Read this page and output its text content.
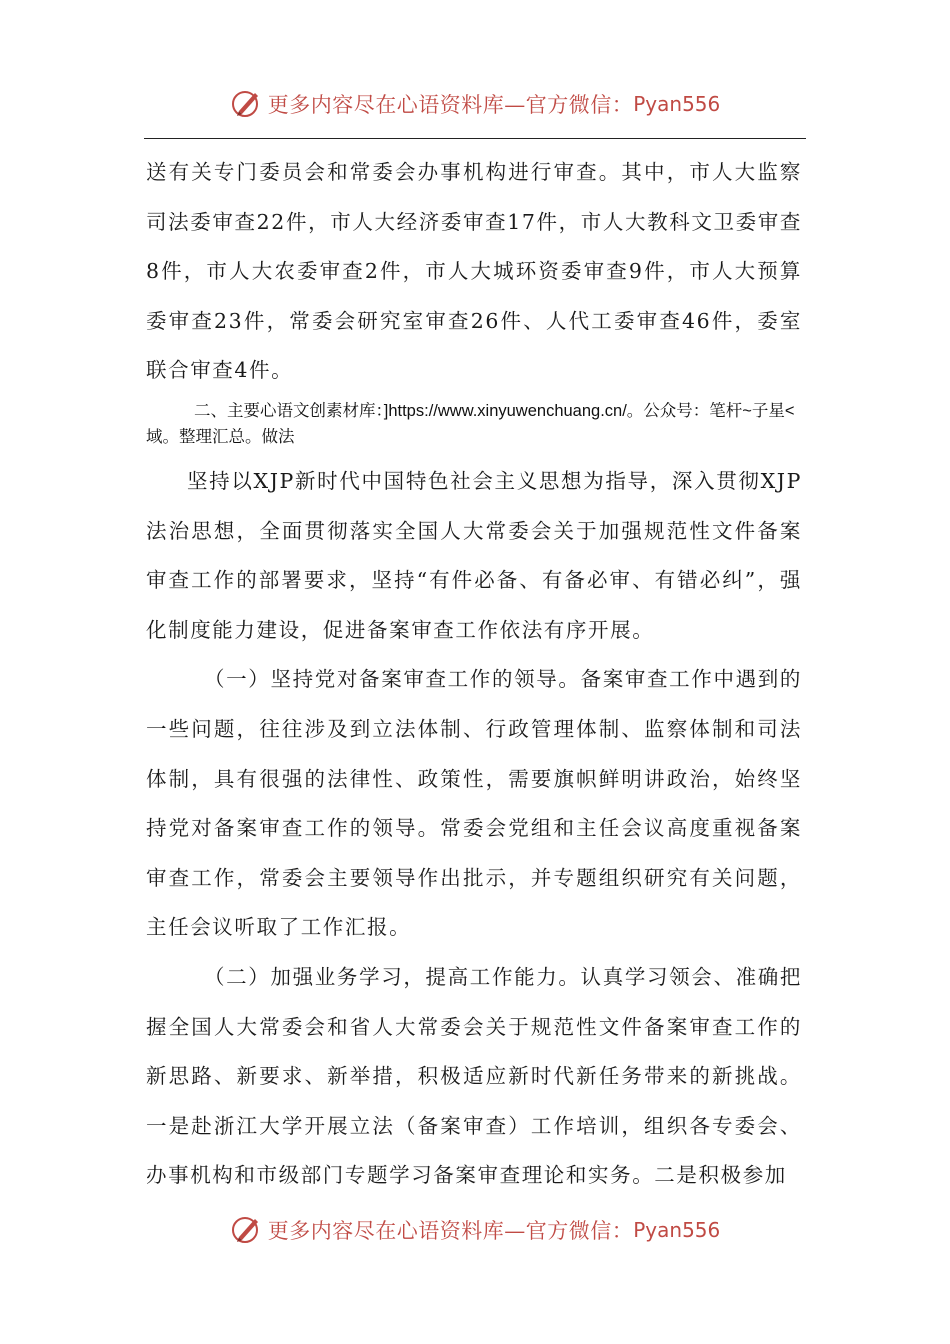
更多内容尽在心语资料库—官方微信： Pyan556

送有关专门委员会和常委会办事机构进行审查。其中，市人大监察司法委审查22件，市人大经济委审查17件，市人大教科文卫委审查8件，市人大农委审查2件，市人大城环资委审查9件，市人大预算委审查23件，常委会研究室审查26件、人代工委审查46件，委室联合审查4件。

二、主要心语文创素材库：]https://www.xinyuwenchuang.cn/。公众号：笔杆~子星<域。整理汇总。做法

坚持以XJP新时代中国特色社会主义思想为指导，深入贯彻XJP法治思想，全面贯彻落实全国人大常委会关于加强规范性文件备案审查工作的部署要求，坚持“有件必备、有备必审、有错必纠”，强化制度能力建设，促进备案审查工作依法有序开展。

（一）坚持党对备案审查工作的领导。备案审查工作中遇到的一些问题，往往涉及到立法体制、行政管理体制、监察体制和司法体制，具有很强的法律性、政策性，需要旗帜鲜明讲政治，始终坚持党对备案审查工作的领导。常委会党组和主任会议高度重视备案审查工作，常委会主要领导作出批示，并专题组织研究有关问题，主任会议听取了工作汇报。

（二）加强业务学习，提高工作能力。认真学习领会、准确把握全国人大常委会和省人大常委会关于规范性文件备案审查工作的新思路、新要求、新举措，积极适应新时代新任务带来的新挑战。一是赴浙江大学开展立法（备案审查）工作培训，组织各专委会、办事机构和市级部门专题学习备案审查理论和实务。二是积极参加

更多内容尽在心语资料库—官方微信： Pyan556
